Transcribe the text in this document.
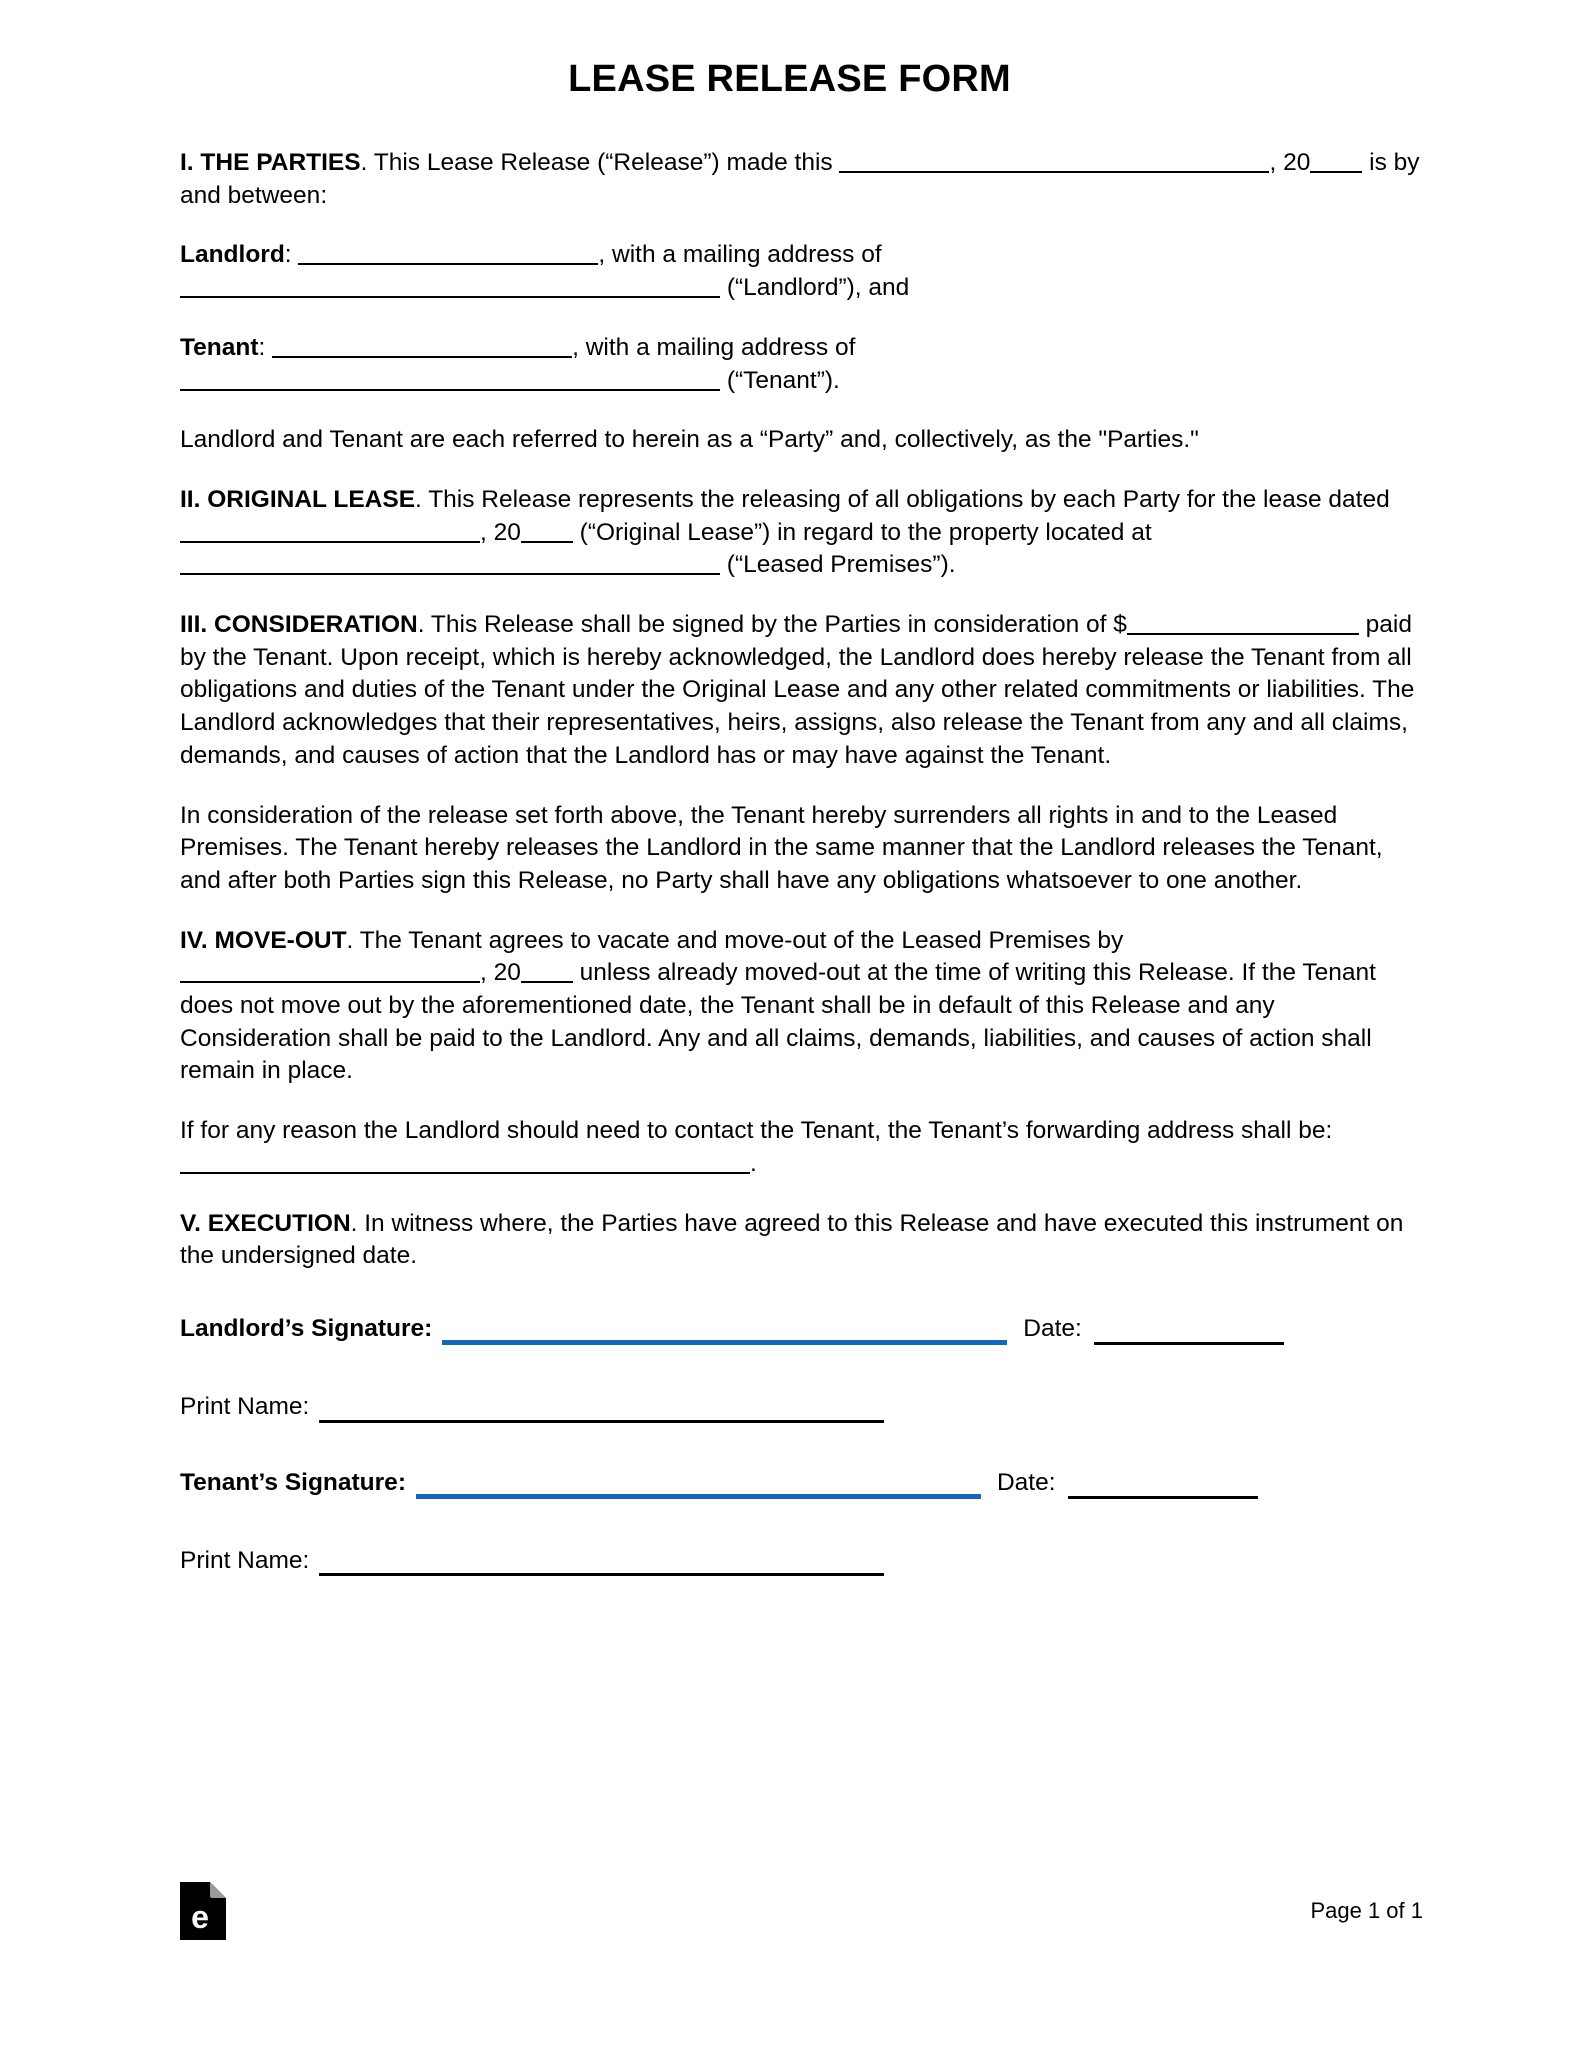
LEASE RELEASE FORM

I. THE PARTIES. This Lease Release (“Release”) made this	, 20 is by and between:

Landlord:	, with a mailing address of
(“Landlord”), and

Tenant:	, with a mailing address of
(“Tenant”).

Landlord and Tenant are each referred to herein as a “Party” and, collectively, as the "Parties."

II. ORIGINAL LEASE. This Release represents the releasing of all obligations by each Party for the lease dated , 20 (“Original Lease”) in regard to the property located at  (“Leased Premises”).

III. CONSIDERATION. This Release shall be signed by the Parties in consideration of $	paid by the Tenant. Upon receipt, which is hereby acknowledged, the Landlord does hereby release the Tenant from all obligations and duties of the Tenant under the Original Lease and any other related commitments or liabilities. The Landlord acknowledges that their representatives, heirs, assigns, also release the Tenant from any and all claims, demands, and causes of action that the Landlord has or may have against the Tenant.

In consideration of the release set forth above, the Tenant hereby surrenders all rights in and to the Leased Premises. The Tenant hereby releases the Landlord in the same manner that the Landlord releases the Tenant, and after both Parties sign this Release, no Party shall have any obligations whatsoever to one another.

IV. MOVE-OUT. The Tenant agrees to vacate and move-out of the Leased Premises by , 20 unless already moved-out at the time of writing this Release. If the Tenant does not move out by the aforementioned date, the Tenant shall be in default of this Release and any Consideration shall be paid to the Landlord. Any and all claims, demands, liabilities, and causes of action shall remain in place.

If for any reason the Landlord should need to contact the Tenant, the Tenant’s forwarding address shall be: .

V. EXECUTION. In witness where, the Parties have agreed to this Release and have executed this instrument on the undersigned date.

Landlord’s Signature :	Date:
Print Name:
Tenant’s Signature :	Date:
Print Name:
e	Page 1 of 1
